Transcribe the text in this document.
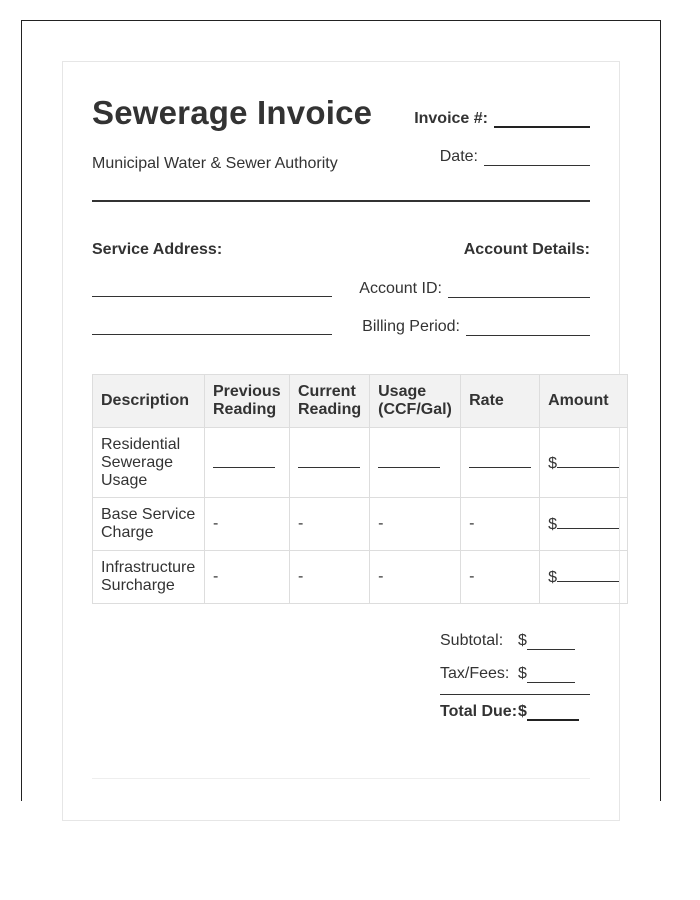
Sewerage Invoice
Municipal Water & Sewer Authority
Invoice #:
Date:
Service Address:	Account Details:
Account ID:
Billing Period:
Description	Previous Reading	Current Reading	Usage (CCF/Gal)	Rate	Amount
Residential Sewerage Usage					$
Base Service Charge	-	-	-	-	$
Infrastructure Surcharge	-	-	-	-	$
Subtotal: $
Tax/Fees: $
Total Due: $
